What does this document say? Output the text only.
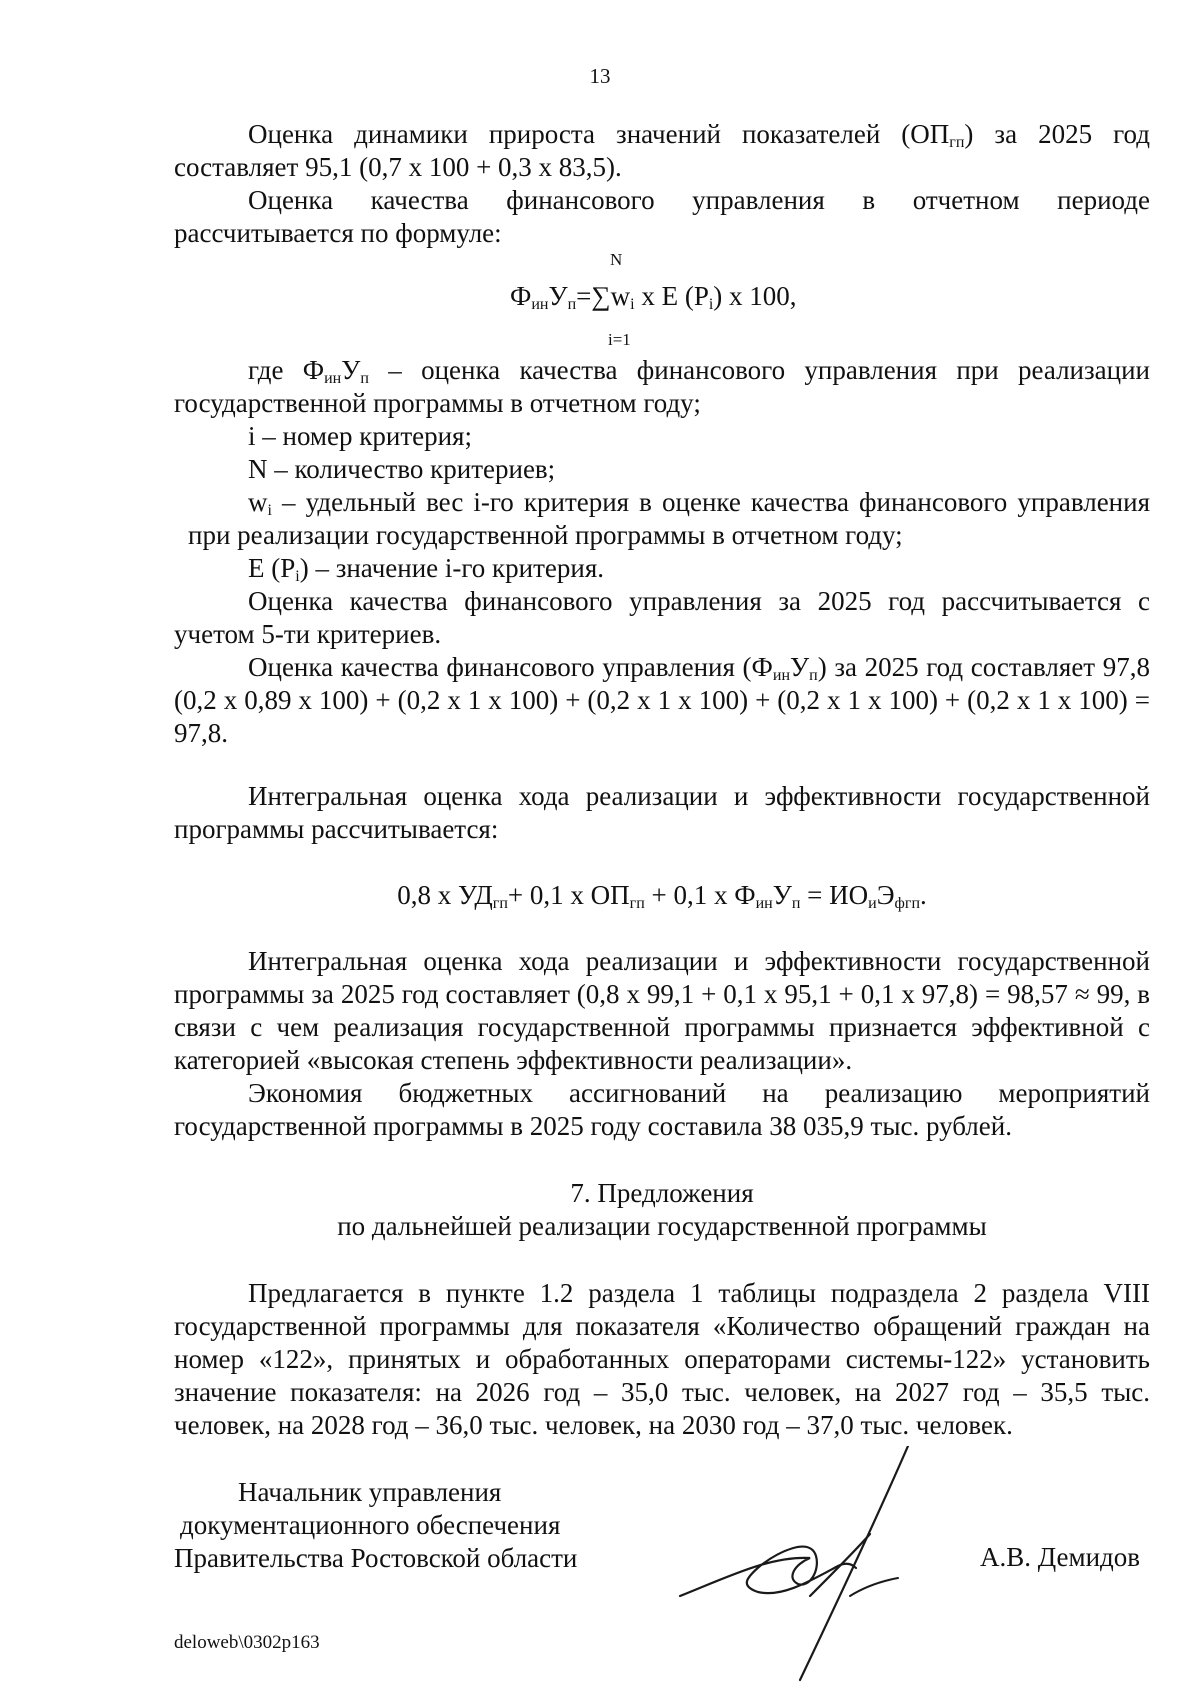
13

Оценка динамики прироста значений показателей $(ОП_{гп})$ за 2025 год составляет 95,1 (0,7 х 100 + 0,3 х 83,5).

Оценка качества финансового управления в отчетном периоде рассчитывается по формуле:

N
$Ф_{ин}У_п=\sum w_i$ х E $(P_i)$ х 100,
i=1

где $Ф_{ин}У_п$ – оценка качества финансового управления при реализации государственной программы в отчетном году;

i – номер критерия;

N – количество критериев;

$w_i$ – удельный вес i-го критерия в оценке качества финансового управления при реализации государственной программы в отчетном году;

E $(P_i)$ – значение i-го критерия.

Оценка качества финансового управления за 2025 год рассчитывается с учетом 5-ти критериев.

Оценка качества финансового управления $(Ф_{ин}У_п)$ за 2025 год составляет 97,8 (0,2 х 0,89 х 100) + (0,2 х 1 х 100) + (0,2 х 1 х 100) + (0,2 х 1 х 100) + (0,2 х 1 х 100) = 97,8.

Интегральная оценка хода реализации и эффективности государственной программы рассчитывается:

0,8 х $УД_{гп}+ 0,1$ х $ОП_{гп} + 0,1$ х $Ф_{ин}У_п = ИО_иЭ_{фгп}$.

Интегральная оценка хода реализации и эффективности государственной программы за 2025 год составляет (0,8 х 99,1 + 0,1 х 95,1 + 0,1 х 97,8) = 98,57 ≈ 99, в связи с чем реализация государственной программы признается эффективной с категорией «высокая степень эффективности реализации».

Экономия бюджетных ассигнований на реализацию мероприятий государственной программы в 2025 году составила 38 035,9 тыс. рублей.

7. Предложения

по дальнейшей реализации государственной программы

Предлагается в пункте 1.2 раздела 1 таблицы подраздела 2 раздела VIII государственной программы для показателя «Количество обращений граждан на номер «122», принятых и обработанных операторами системы-122» установить значение показателя: на 2026 год – 35,0 тыс. человек, на 2027 год – 35,5 тыс. человек, на 2028 год – 36,0 тыс. человек, на 2030 год – 37,0 тыс. человек.

Начальник управления
документационного обеспечения
Правительства Ростовской области	А.В. Демидов
deloweb\0302p163
